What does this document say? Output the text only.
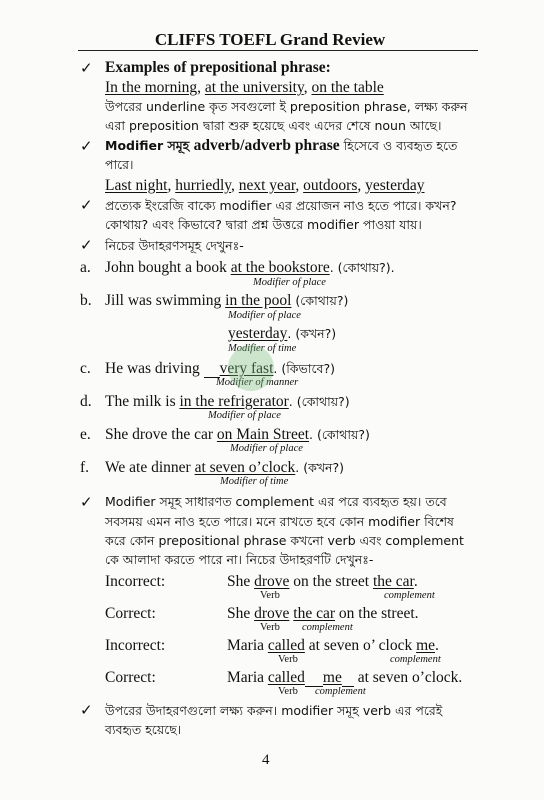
CLIFFS TOEFL Grand Review
✓ Examples of prepositional phrase:
In the morning, at the university, on the table
উপরের underline কৃত সবগুলো ই preposition phrase, লক্ষ্য করুন
এরা preposition দ্বারা শুরু হয়েছে এবং এদের শেষে noun আছে।
✓ Modifier সমূহ adverb/adverb phrase হিসেবে ও ব্যবহৃত হতে
পারে।
Last night, hurriedly, next year, outdoors, yesterday
✓ প্রত্যেক ইংরেজি বাক্যে modifier এর প্রয়োজন নাও হতে পারে। কখন?
কোথায়? এবং কিভাবে? দ্বারা প্রশ্ন উত্তরে modifier পাওয়া যায়।
✓ নিচের উদাহরণসমূহ দেখুনঃ-
a. John bought a book at the bookstore. (কোথায়?).
Modifier of place
b. Jill was swimming in the pool (কোথায়?)
Modifier of place
yesterday. (কখন?)
Modifier of time
c. He was driving very fast. (কিভাবে?)
Modifier of manner
d. The milk is in the refrigerator. (কোথায়?)
Modifier of place
e. She drove the car on Main Street. (কোথায়?)
Modifier of place
f. We ate dinner at seven o’clock. (কখন?)
Modifier of time
✓ Modifier সমূহ সাধারণত complement এর পরে ব্যবহৃত হয়। তবে
সবসময় এমন নাও হতে পারে। মনে রাখতে হবে কোন modifier বিশেষ
করে কোন prepositional phrase কখনো verb এবং complement
কে আলাদা করতে পারে না। নিচের উদাহরণটি দেখুনঃ-
Incorrect:	She drove on the street the car.
Verb	complement
Correct:	She drove the car on the street.
Verb complement
Incorrect:	Maria called at seven o’ clock me.
Verb	complement
Correct:	Maria called me at seven o’clock.
Verb complement
✓ উপরের উদাহরণগুলো লক্ষ্য করুন। modifier সমূহ verb এর পরেই
ব্যবহৃত হয়েছে।
4
